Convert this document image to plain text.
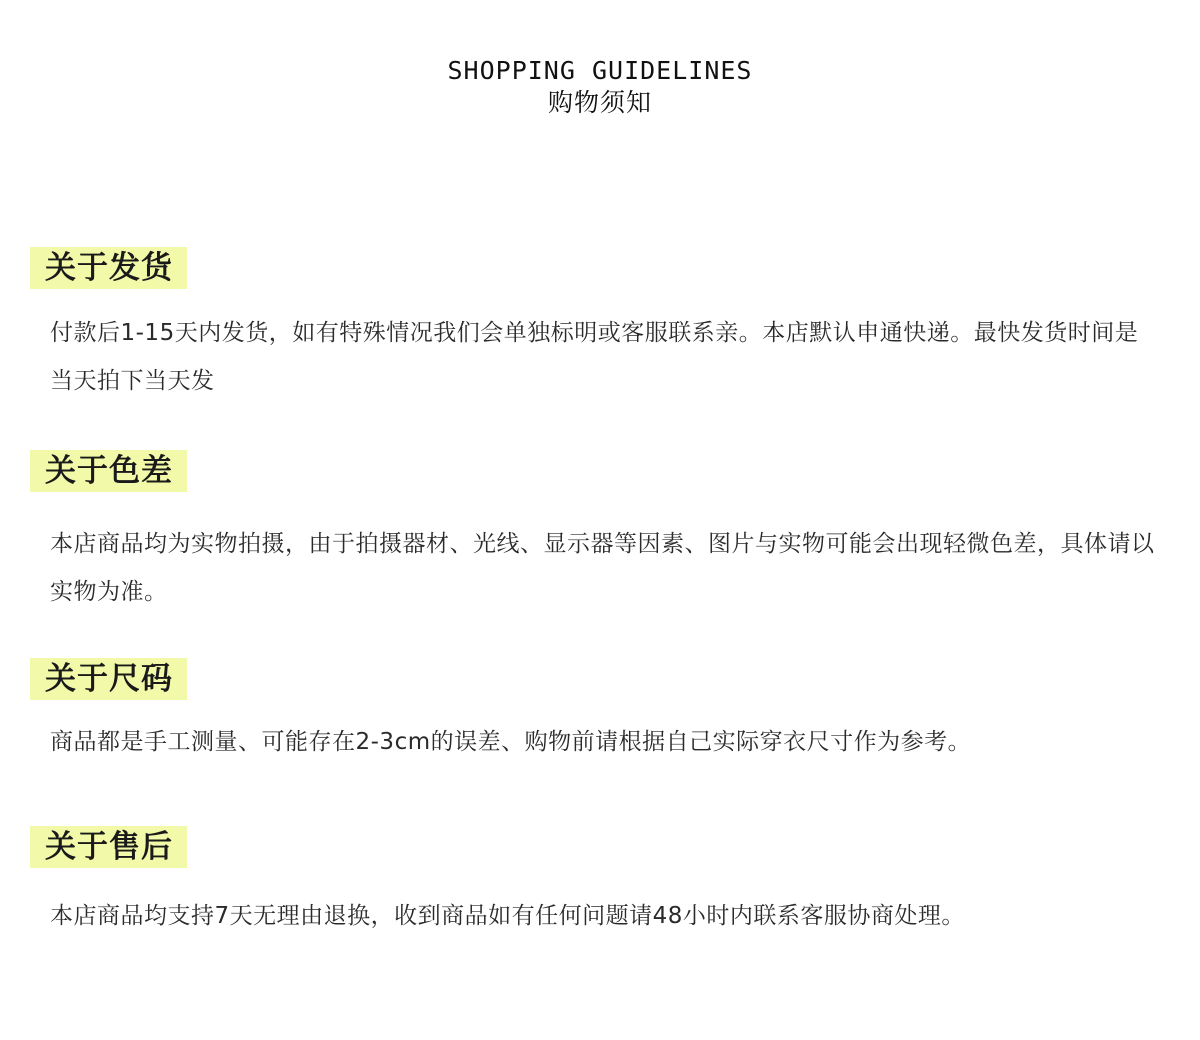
SHOPPING GUIDELINES
购物须知
关于发货

付款后1-15天内发货，如有特殊情况我们会单独标明或客服联系亲。本店默认申通快递。最快发货时间是当天拍下当天发

关于色差

本店商品均为实物拍摄，由于拍摄器材、光线、显示器等因素、图片与实物可能会出现轻微色差，具体请以实物为准。

关于尺码

商品都是手工测量、可能存在2-3cm的误差、购物前请根据自己实际穿衣尺寸作为参考。

关于售后

本店商品均支持7天无理由退换，收到商品如有任何问题请48小时内联系客服协商处理。
